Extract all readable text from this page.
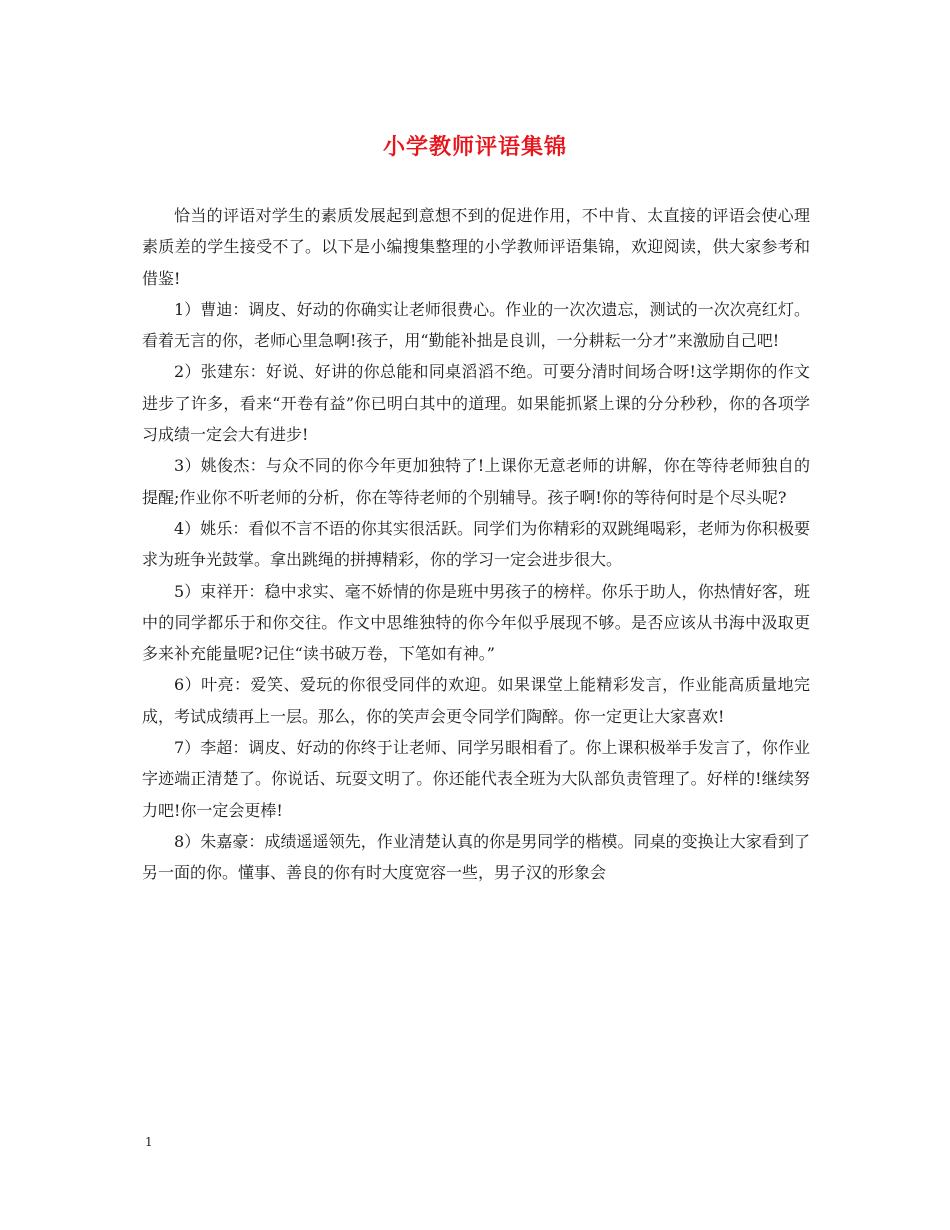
小学教师评语集锦

恰当的评语对学生的素质发展起到意想不到的促进作用，不中肯、太直接的评语会使心理素质差的学生接受不了。以下是小编搜集整理的小学教师评语集锦，欢迎阅读，供大家参考和借鉴!

1）曹迪：调皮、好动的你确实让老师很费心。作业的一次次遗忘，测试的一次次亮红灯。看着无言的你，老师心里急啊!孩子，用“勤能补拙是良训，一分耕耘一分才”来激励自己吧!

2）张建东：好说、好讲的你总能和同桌滔滔不绝。可要分清时间场合呀!这学期你的作文进步了许多，看来“开卷有益”你已明白其中的道理。如果能抓紧上课的分分秒秒，你的各项学习成绩一定会大有进步!

3）姚俊杰：与众不同的你今年更加独特了!上课你无意老师的讲解，你在等待老师独自的提醒;作业你不听老师的分析，你在等待老师的个别辅导。孩子啊!你的等待何时是个尽头呢?

4）姚乐：看似不言不语的你其实很活跃。同学们为你精彩的双跳绳喝彩，老师为你积极要求为班争光鼓掌。拿出跳绳的拼搏精彩，你的学习一定会进步很大。

5）束祥开：稳中求实、毫不娇情的你是班中男孩子的榜样。你乐于助人，你热情好客，班中的同学都乐于和你交往。作文中思维独特的你今年似乎展现不够。是否应该从书海中汲取更多来补充能量呢?记住“读书破万卷，下笔如有神。”

6）叶亮：爱笑、爱玩的你很受同伴的欢迎。如果课堂上能精彩发言，作业能高质量地完成，考试成绩再上一层。那么，你的笑声会更令同学们陶醉。你一定更让大家喜欢!

7）李超：调皮、好动的你终于让老师、同学另眼相看了。你上课积极举手发言了，你作业字迹端正清楚了。你说话、玩耍文明了。你还能代表全班为大队部负责管理了。好样的!继续努力吧!你一定会更棒!

8）朱嘉豪：成绩遥遥领先，作业清楚认真的你是男同学的楷模。同桌的变换让大家看到了另一面的你。懂事、善良的你有时大度宽容一些，男子汉的形象会

1
